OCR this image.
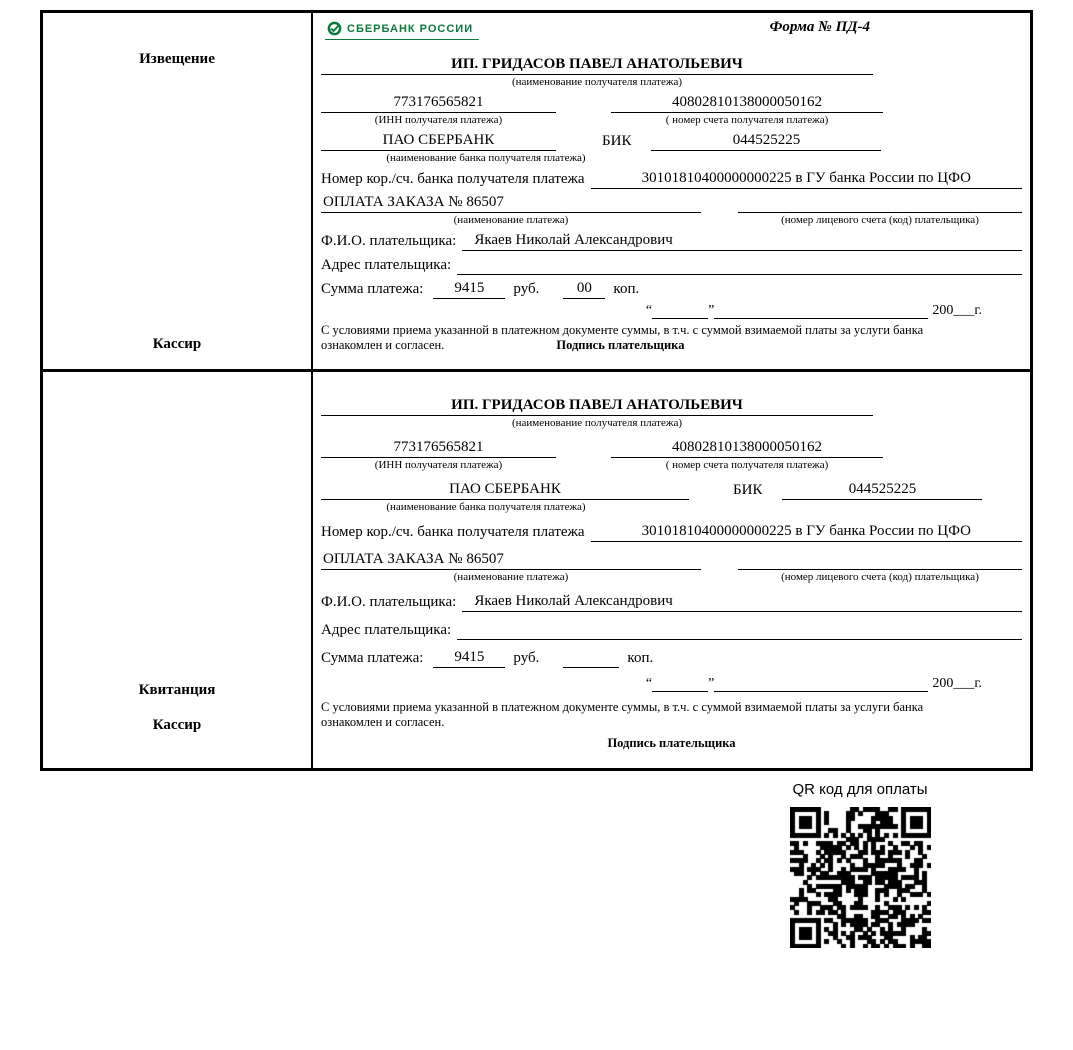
Извещение
Кассир
СБЕРБАНК РОССИИ	Форма № ПД-4
ИП. ГРИДАСОВ ПАВЕЛ АНАТОЛЬЕВИЧ
(наименование получателя платежа)
773176565821	40802810138000050162
(ИНН получателя платежа)	( номер счета получателя платежа)
ПАО СБЕРБАНК	БИК	044525225
(наименование банка получателя платежа)
Номер кор./сч. банка получателя платежа	30101810400000000225 в ГУ банка России по ЦФО
ОПЛАТА ЗАКАЗА № 86507
(наименование платежа)	(номер лицевого счета (код) плательщика)
Ф.И.О. плательщика:	Якаев Николай Александрович
Адрес плательщика:
Сумма платежа:	9415	руб.	00	коп.
“	”	200___г.
С условиями приема указанной в платежном документе суммы, в т.ч. с суммой взимаемой платы за услуги банка
ознакомлен и согласен.	Подпись плательщика
Квитанция
Кассир
ИП. ГРИДАСОВ ПАВЕЛ АНАТОЛЬЕВИЧ
(наименование получателя платежа)
773176565821	40802810138000050162
(ИНН получателя платежа)	( номер счета получателя платежа)
ПАО СБЕРБАНК	БИК	044525225
(наименование банка получателя платежа)
Номер кор./сч. банка получателя платежа	30101810400000000225 в ГУ банка России по ЦФО
ОПЛАТА ЗАКАЗА № 86507
(наименование платежа)	(номер лицевого счета (код) плательщика)
Ф.И.О. плательщика:	Якаев Николай Александрович
Адрес плательщика:
Сумма платежа:	9415	руб.	коп.
“	”	200___г.
С условиями приема указанной в платежном документе суммы, в т.ч. с суммой взимаемой платы за услуги банка
ознакомлен и согласен.
Подпись плательщика
QR код для оплаты
